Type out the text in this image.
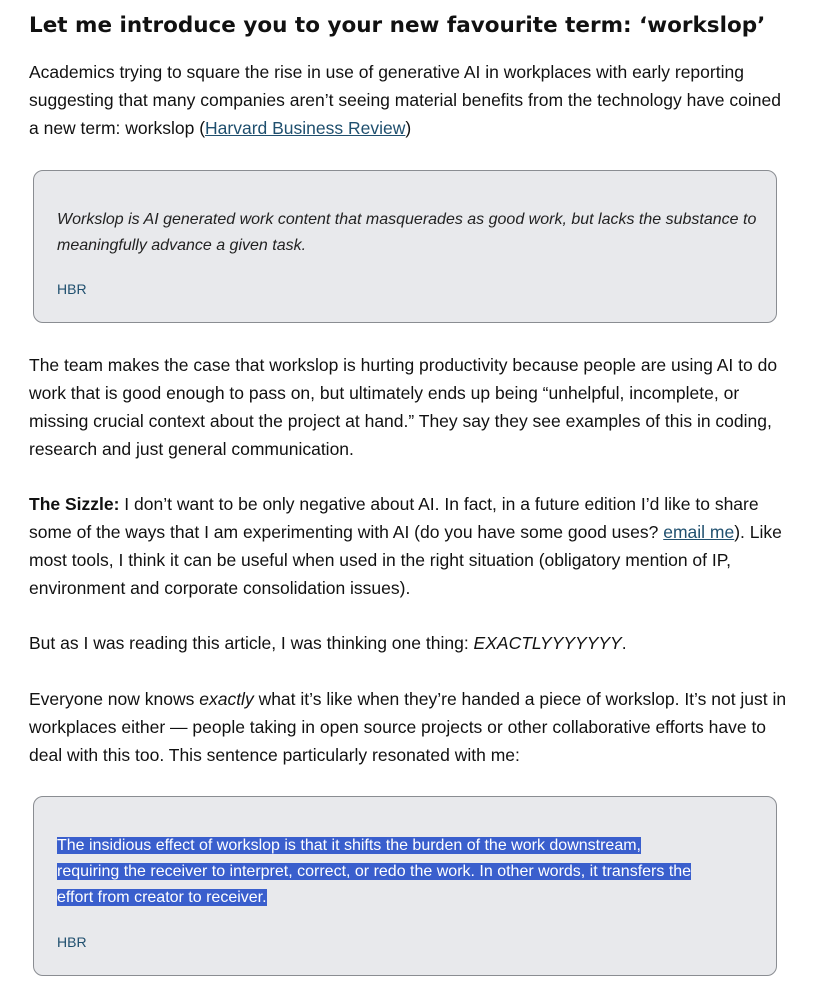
Let me introduce you to your new favourite term: ‘workslop’

Academics trying to square the rise in use of generative AI in workplaces with early reporting suggesting that many companies aren’t seeing material benefits from the technology have coined a new term: workslop (Harvard Business Review)

Workslop is AI generated work content that masquerades as good work, but lacks the substance to meaningfully advance a given task.

HBR

The team makes the case that workslop is hurting productivity because people are using AI to do work that is good enough to pass on, but ultimately ends up being “unhelpful, incomplete, or missing crucial context about the project at hand.” They say they see examples of this in coding, research and just general communication.

The Sizzle: I don’t want to be only negative about AI. In fact, in a future edition I’d like to share some of the ways that I am experimenting with AI (do you have some good uses? email me). Like most tools, I think it can be useful when used in the right situation (obligatory mention of IP, environment and corporate consolidation issues).

But as I was reading this article, I was thinking one thing: EXACTLYYYYYYY.

Everyone now knows exactly what it’s like when they’re handed a piece of workslop. It’s not just in workplaces either — people taking in open source projects or other collaborative efforts have to deal with this too. This sentence particularly resonated with me:

The insidious effect of workslop is that it shifts the burden of the work downstream,
requiring the receiver to interpret, correct, or redo the work. In other words, it transfers the
effort from creator to receiver.

HBR
